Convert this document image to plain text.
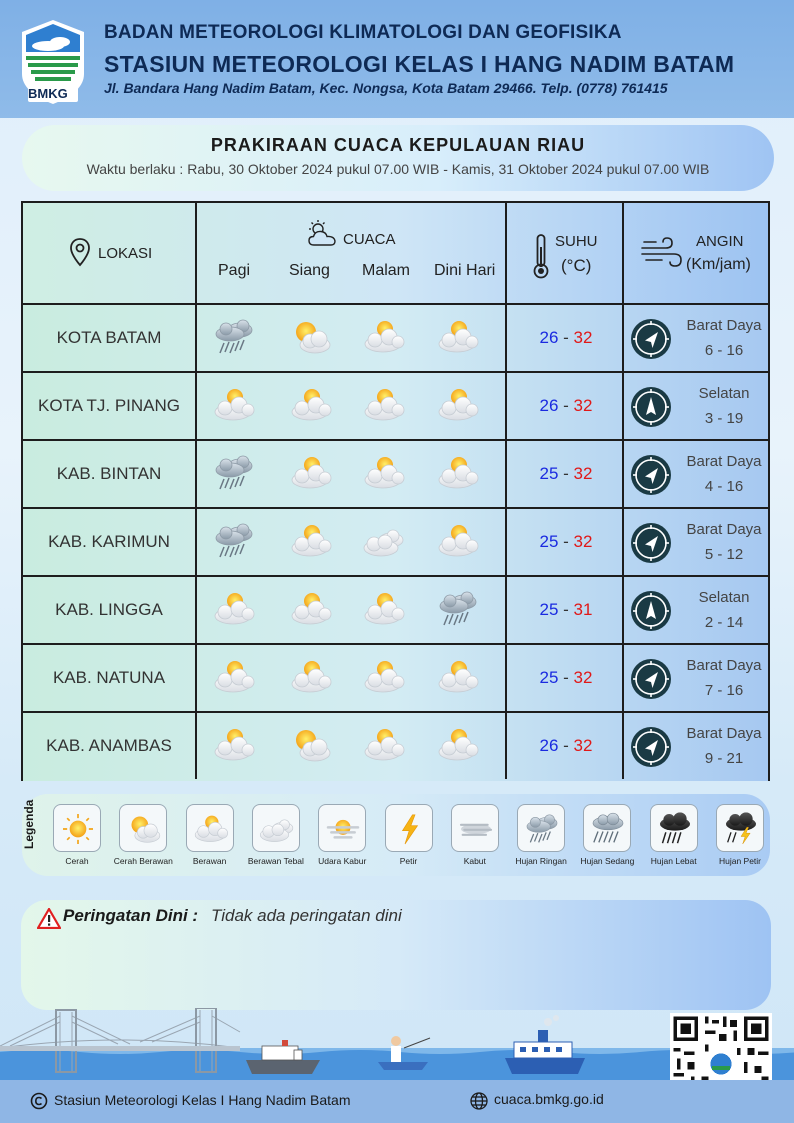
BMKG
BADAN METEOROLOGI KLIMATOLOGI DAN GEOFISIKA
STASIUN METEOROLOGI KELAS I HANG NADIM BATAM
Jl. Bandara Hang Nadim Batam, Kec. Nongsa, Kota Batam 29466. Telp. (0778) 761415
PRAKIRAAN CUACA KEPULAUAN RIAU
Waktu berlaku : Rabu, 30 Oktober 2024 pukul 07.00 WIB - Kamis, 31 Oktober 2024 pukul 07.00 WIB
LOKASI
CUACA
Pagi Siang Malam Dini Hari
SUHU
(°C)
ANGIN
(Km/jam)
KOTA BATAM	26 - 32
Barat Daya
6 - 16
KOTA TJ. PINANG	26 - 32
Selatan
3 - 19
KAB. BINTAN	25 - 32
Barat Daya
4 - 16
KAB. KARIMUN	25 - 32
Barat Daya
5 - 12
KAB. LINGGA	25 - 31
Selatan
2 - 14
KAB. NATUNA	25 - 32
Barat Daya
7 - 16
KAB. ANAMBAS	26 - 32
Barat Daya
9 - 21
Legenda
Cerah	Cerah Berawan	Berawan	Berawan Tebal	Udara Kabur	Petir	Kabut	Hujan Ringan	Hujan Sedang	Hujan Lebat	Hujan Petir
Peringatan Dini : Tidak ada peringatan dini
Stasiun Meteorologi Kelas I Hang Nadim Batam	cuaca.bmkg.go.id
